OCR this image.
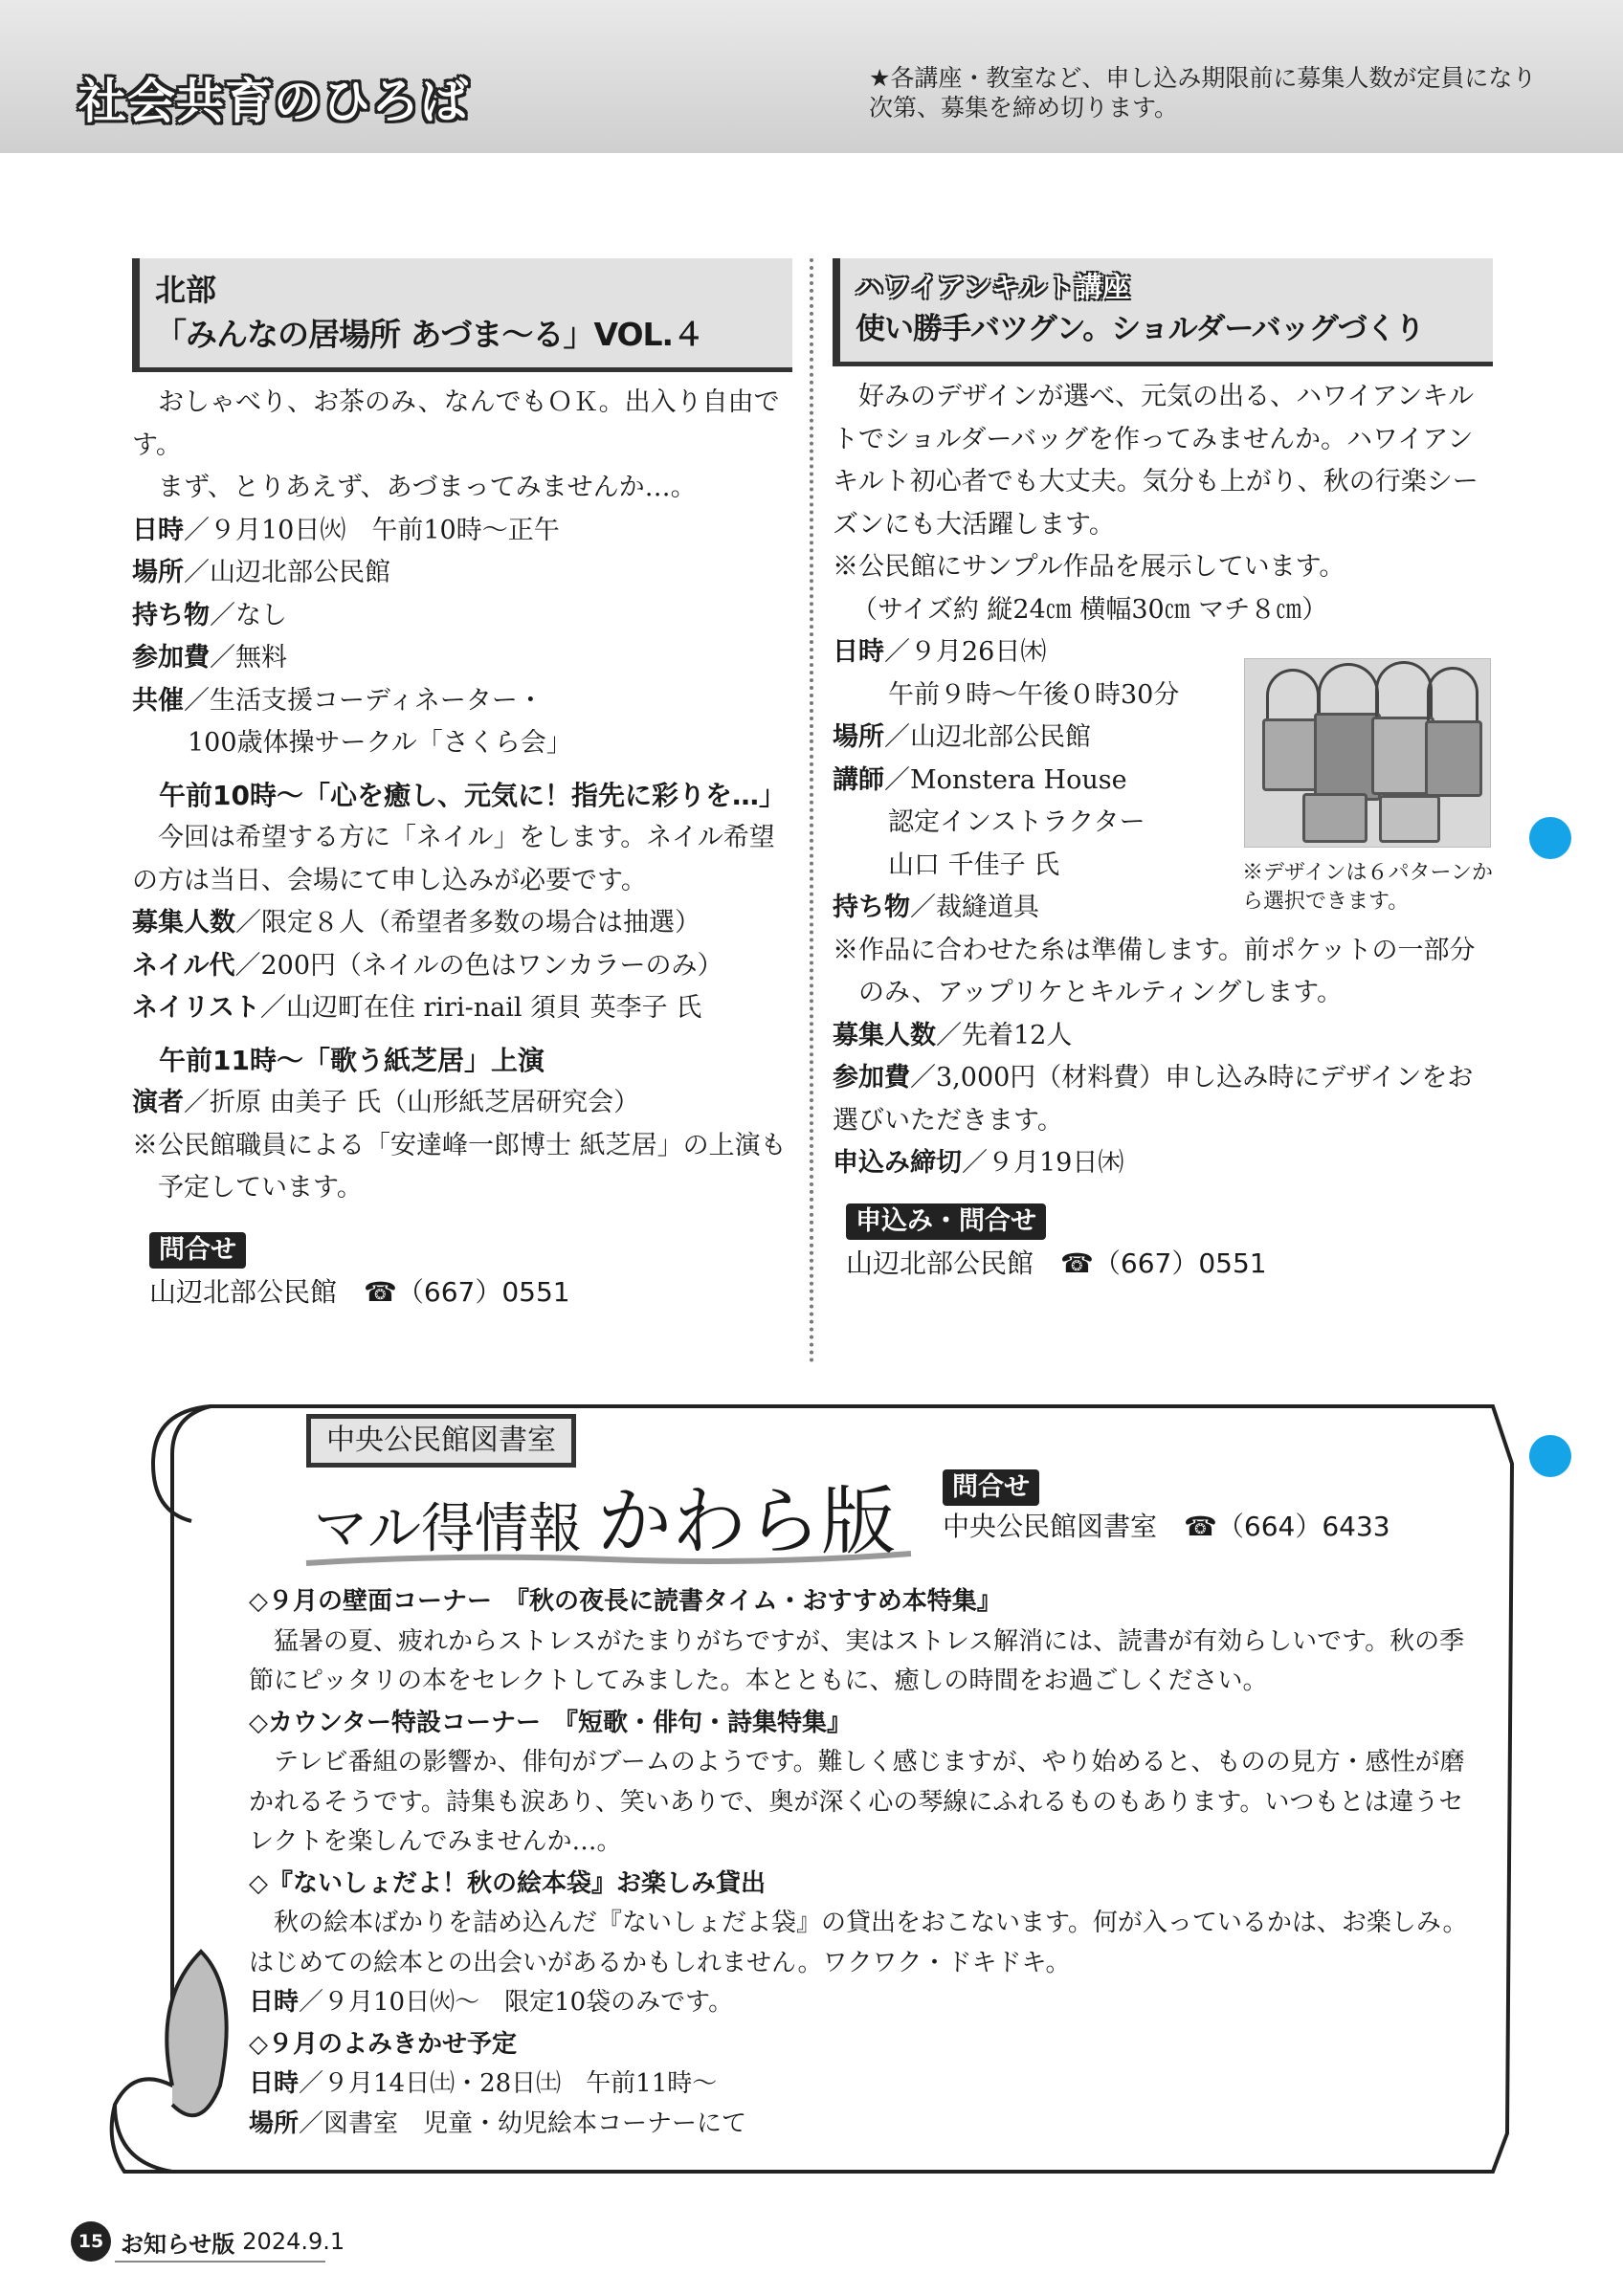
社会共育のひろば	★各講座・教室など、申し込み期限前に募集人数が定員になり次第、募集を締め切ります。
北部
「みんなの居場所 あづま～る」VOL.４
おしゃべり、お茶のみ、なんでもＯＫ。出入り自由です。
まず、とりあえず、あづまってみませんか…。
日時／９月10日㈫　午前10時～正午
場所／山辺北部公民館
持ち物／なし
参加費／無料
共催／生活支援コーディネーター・
100歳体操サークル「さくら会」
午前10時～「心を癒し、元気に！指先に彩りを…」
今回は希望する方に「ネイル」をします。ネイル希望の方は当日、会場にて申し込みが必要です。
募集人数／限定８人（希望者多数の場合は抽選）
ネイル代／200円（ネイルの色はワンカラーのみ）
ネイリスト／山辺町在住 riri-nail 須貝 英李子 氏
午前11時～「歌う紙芝居」上演
演者／折原 由美子 氏（山形紙芝居研究会）
※公民館職員による「安達峰一郎博士 紙芝居」の上演も予定しています。
問合せ
山辺北部公民館　☎（667）0551
ハワイアンキルト講座
使い勝手バツグン。ショルダーバッグづくり
好みのデザインが選べ、元気の出る、ハワイアンキルトでショルダーバッグを作ってみませんか。ハワイアンキルト初心者でも大丈夫。気分も上がり、秋の行楽シーズンにも大活躍します。
※公民館にサンプル作品を展示しています。
（サイズ約 縦24㎝ 横幅30㎝ マチ８㎝）
日時／９月26日㈭
午前９時～午後０時30分
場所／山辺北部公民館
講師／Monstera House
認定インストラクター
山口 千佳子 氏
持ち物／裁縫道具
※作品に合わせた糸は準備します。前ポケットの一部分のみ、アップリケとキルティングします。
募集人数／先着12人
参加費／3,000円（材料費）申し込み時にデザインをお選びいただきます。
申込み締切／９月19日㈭
申込み・問合せ
山辺北部公民館　☎（667）0551
※デザインは６パターンから選択できます。
中央公民館図書室
マル得情報 かわら版	問合せ
中央公民館図書室　☎（664）6433
◇９月の壁面コーナー　『秋の夜長に読書タイム・おすすめ本特集』
猛暑の夏、疲れからストレスがたまりがちですが、実はストレス解消には、読書が有効らしいです。秋の季節にピッタリの本をセレクトしてみました。本とともに、癒しの時間をお過ごしください。
◇カウンター特設コーナー　『短歌・俳句・詩集特集』
テレビ番組の影響か、俳句がブームのようです。難しく感じますが、やり始めると、ものの見方・感性が磨かれるそうです。詩集も涙あり、笑いありで、奥が深く心の琴線にふれるものもあります。いつもとは違うセレクトを楽しんでみませんか…。
◇『ないしょだよ！秋の絵本袋』お楽しみ貸出
秋の絵本ばかりを詰め込んだ『ないしょだよ袋』の貸出をおこないます。何が入っているかは、お楽しみ。はじめての絵本との出会いがあるかもしれません。ワクワク・ドキドキ。
日時／９月10日㈫～　限定10袋のみです。
◇９月のよみきかせ予定
日時／９月14日㈯・28日㈯　午前11時～
場所／図書室　児童・幼児絵本コーナーにて
15 お知らせ版 2024.9.1
